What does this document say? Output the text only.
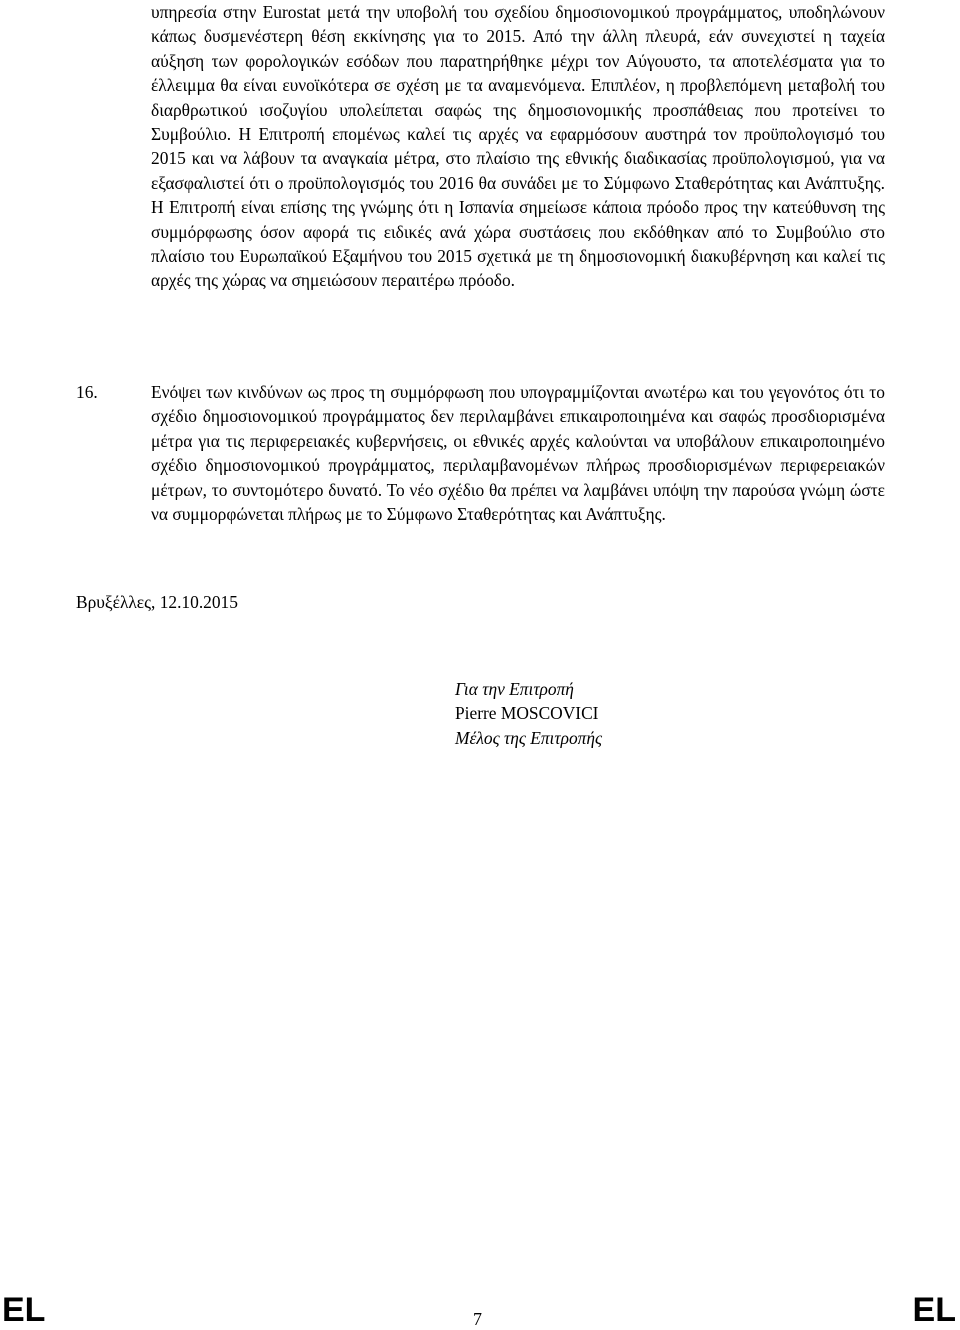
υπηρεσία στην Eurostat μετά την υποβολή του σχεδίου δημοσιονομικού προγράμματος, υποδηλώνουν κάπως δυσμενέστερη θέση εκκίνησης για το 2015. Από την άλλη πλευρά, εάν συνεχιστεί η ταχεία αύξηση των φορολογικών εσόδων που παρατηρήθηκε μέχρι τον Αύγουστο, τα αποτελέσματα για το έλλειμμα θα είναι ευνοϊκότερα σε σχέση με τα αναμενόμενα. Επιπλέον, η προβλεπόμενη μεταβολή του διαρθρωτικού ισοζυγίου υπολείπεται σαφώς της δημοσιονομικής προσπάθειας που προτείνει το Συμβούλιο. Η Επιτροπή επομένως καλεί τις αρχές να εφαρμόσουν αυστηρά τον προϋπολογισμό του 2015 και να λάβουν τα αναγκαία μέτρα, στο πλαίσιο της εθνικής διαδικασίας προϋπολογισμού, για να εξασφαλιστεί ότι ο προϋπολογισμός του 2016 θα συνάδει με το Σύμφωνο Σταθερότητας και Ανάπτυξης. Η Επιτροπή είναι επίσης της γνώμης ότι η Ισπανία σημείωσε κάποια πρόοδο προς την κατεύθυνση της συμμόρφωσης όσον αφορά τις ειδικές ανά χώρα συστάσεις που εκδόθηκαν από το Συμβούλιο στο πλαίσιο του Ευρωπαϊκού Εξαμήνου του 2015 σχετικά με τη δημοσιονομική διακυβέρνηση και καλεί τις αρχές της χώρας να σημειώσουν περαιτέρω πρόοδο.
16.	Ενόψει των κινδύνων ως προς τη συμμόρφωση που υπογραμμίζονται ανωτέρω και του γεγονότος ότι το σχέδιο δημοσιονομικού προγράμματος δεν περιλαμβάνει επικαιροποιημένα και σαφώς προσδιορισμένα μέτρα για τις περιφερειακές κυβερνήσεις, οι εθνικές αρχές καλούνται να υποβάλουν επικαιροποιημένο σχέδιο δημοσιονομικού προγράμματος, περιλαμβανομένων πλήρως προσδιορισμένων περιφερειακών μέτρων, το συντομότερο δυνατό. Το νέο σχέδιο θα πρέπει να λαμβάνει υπόψη την παρούσα γνώμη ώστε να συμμορφώνεται πλήρως με το Σύμφωνο Σταθερότητας και Ανάπτυξης.
Βρυξέλλες, 12.10.2015
Για την Επιτροπή
Pierre MOSCOVICI
Μέλος της Επιτροπής
EL	7	EL
